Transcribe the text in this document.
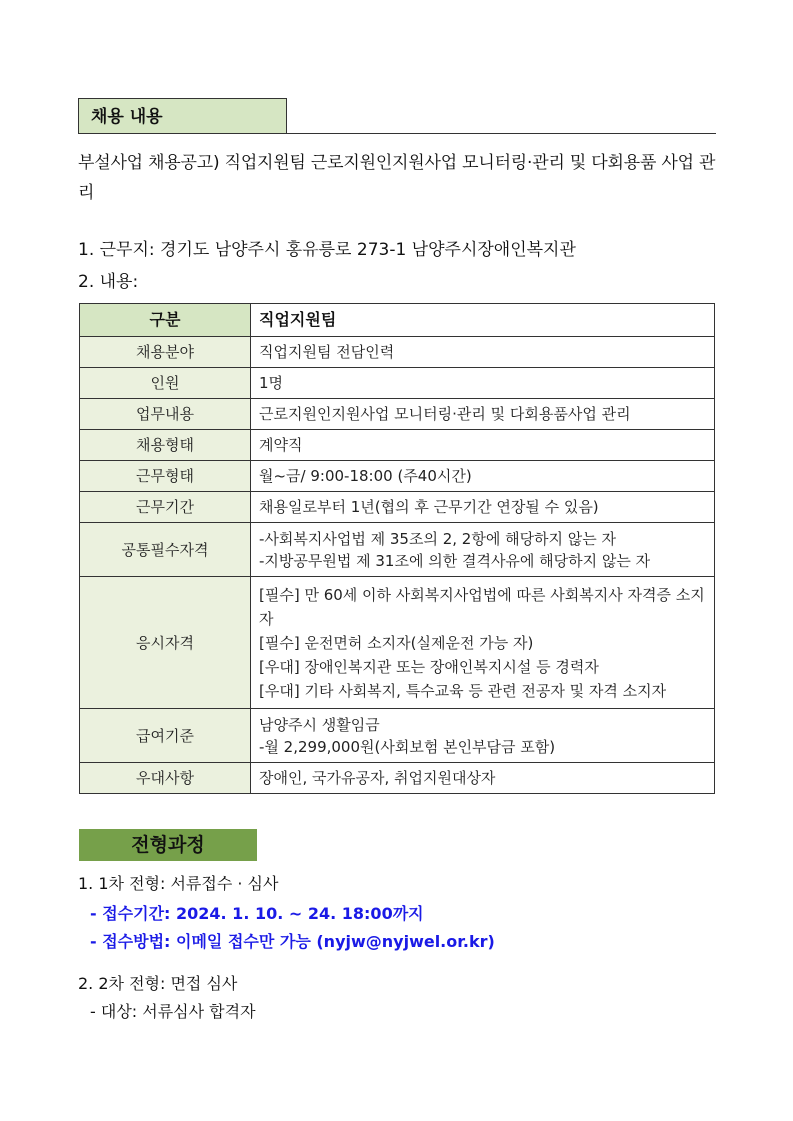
채용 내용
부설사업 채용공고) 직업지원팀 근로지원인지원사업 모니터링·관리 및 다회용품 사업 관리
1. 근무지: 경기도 남양주시 홍유릉로 273-1 남양주시장애인복지관
2. 내용:
구분	직업지원팀
채용분야	직업지원팀 전담인력

인원	1명

업무내용	근로지원인지원사업 모니터링·관리 및 다회용품사업 관리

채용형태	계약직

근무형태	월~금/ 9:00-18:00 (주40시간)

근무기간	채용일로부터 1년(협의 후 근무기간 연장될 수 있음)

공통필수자격	-사회복지사업법 제 35조의 2, 2항에 해당하지 않는 자
-지방공무원법 제 31조에 의한 결격사유에 해당하지 않는 자

응시자격	[필수] 만 60세 이하 사회복지사업법에 따른 사회복지사 자격증 소지자
[필수] 운전면허 소지자(실제운전 가능 자)
[우대] 장애인복지관 또는 장애인복지시설 등 경력자
[우대] 기타 사회복지, 특수교육 등 관련 전공자 및 자격 소지자

급여기준	남양주시 생활임금
-월 2,299,000원(사회보험 본인부담금 포함)

우대사항	장애인, 국가유공자, 취업지원대상자
전형과정
1. 1차 전형: 서류접수 · 심사
- 접수기간: 2024. 1. 10. ~ 24. 18:00까지
- 접수방법: 이메일 접수만 가능 (nyjw@nyjwel.or.kr)
2. 2차 전형: 면접 심사
- 대상: 서류심사 합격자
